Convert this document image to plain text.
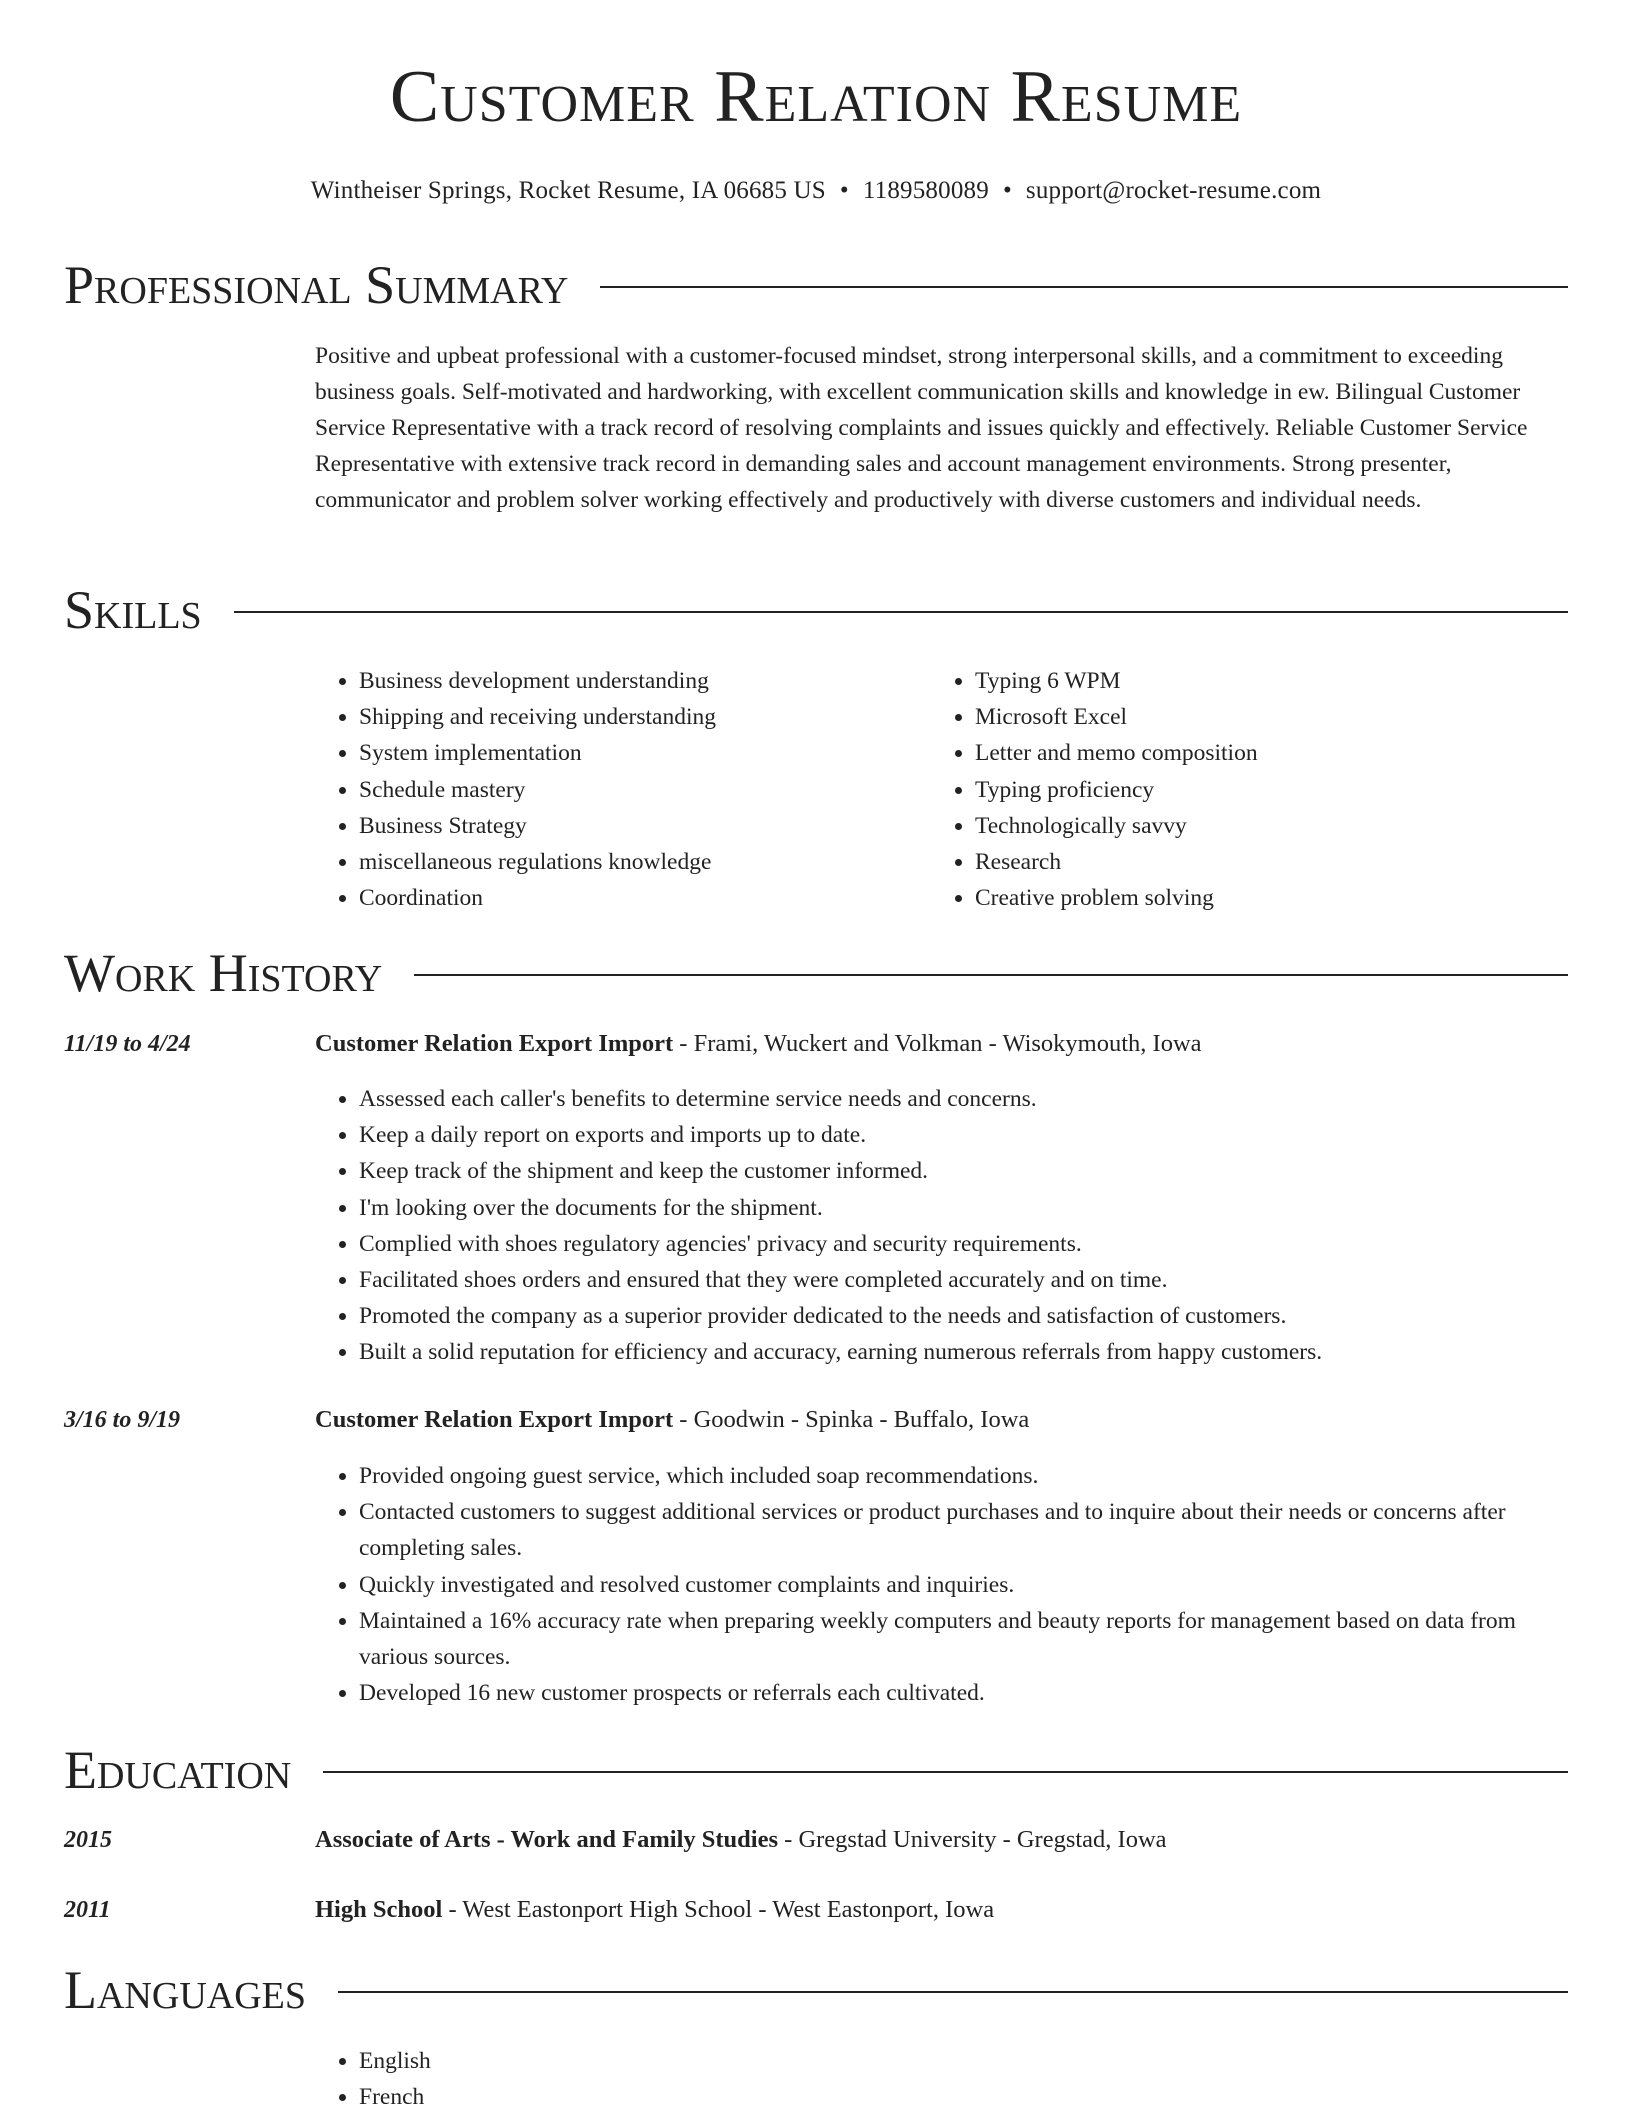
Customer Relation Resume
Wintheiser Springs, Rocket Resume, IA 06685 US • 1189580089 • support@rocket-resume.com
Professional Summary
Positive and upbeat professional with a customer-focused mindset, strong interpersonal skills, and a commitment to exceeding business goals. Self-motivated and hardworking, with excellent communication skills and knowledge in ew. Bilingual Customer Service Representative with a track record of resolving complaints and issues quickly and effectively. Reliable Customer Service Representative with extensive track record in demanding sales and account management environments. Strong presenter, communicator and problem solver working effectively and productively with diverse customers and individual needs.
Skills
• Business development understanding
• Shipping and receiving understanding
• System implementation
• Schedule mastery
• Business Strategy
• miscellaneous regulations knowledge
• Coordination
• Typing 6 WPM
• Microsoft Excel
• Letter and memo composition
• Typing proficiency
• Technologically savvy
• Research
• Creative problem solving
Work History
11/19 to 4/24	Customer Relation Export Import - Frami, Wuckert and Volkman - Wisokymouth, Iowa
• Assessed each caller's benefits to determine service needs and concerns.
• Keep a daily report on exports and imports up to date.
• Keep track of the shipment and keep the customer informed.
• I'm looking over the documents for the shipment.
• Complied with shoes regulatory agencies' privacy and security requirements.
• Facilitated shoes orders and ensured that they were completed accurately and on time.
• Promoted the company as a superior provider dedicated to the needs and satisfaction of customers.
• Built a solid reputation for efficiency and accuracy, earning numerous referrals from happy customers.
3/16 to 9/19	Customer Relation Export Import - Goodwin - Spinka - Buffalo, Iowa
• Provided ongoing guest service, which included soap recommendations.
• Contacted customers to suggest additional services or product purchases and to inquire about their needs or concerns after completing sales.
• Quickly investigated and resolved customer complaints and inquiries.
• Maintained a 16% accuracy rate when preparing weekly computers and beauty reports for management based on data from various sources.
• Developed 16 new customer prospects or referrals each cultivated.
Education
2015	Associate of Arts - Work and Family Studies - Gregstad University - Gregstad, Iowa
2011	High School - West Eastonport High School - West Eastonport, Iowa
Languages
• English
• French
